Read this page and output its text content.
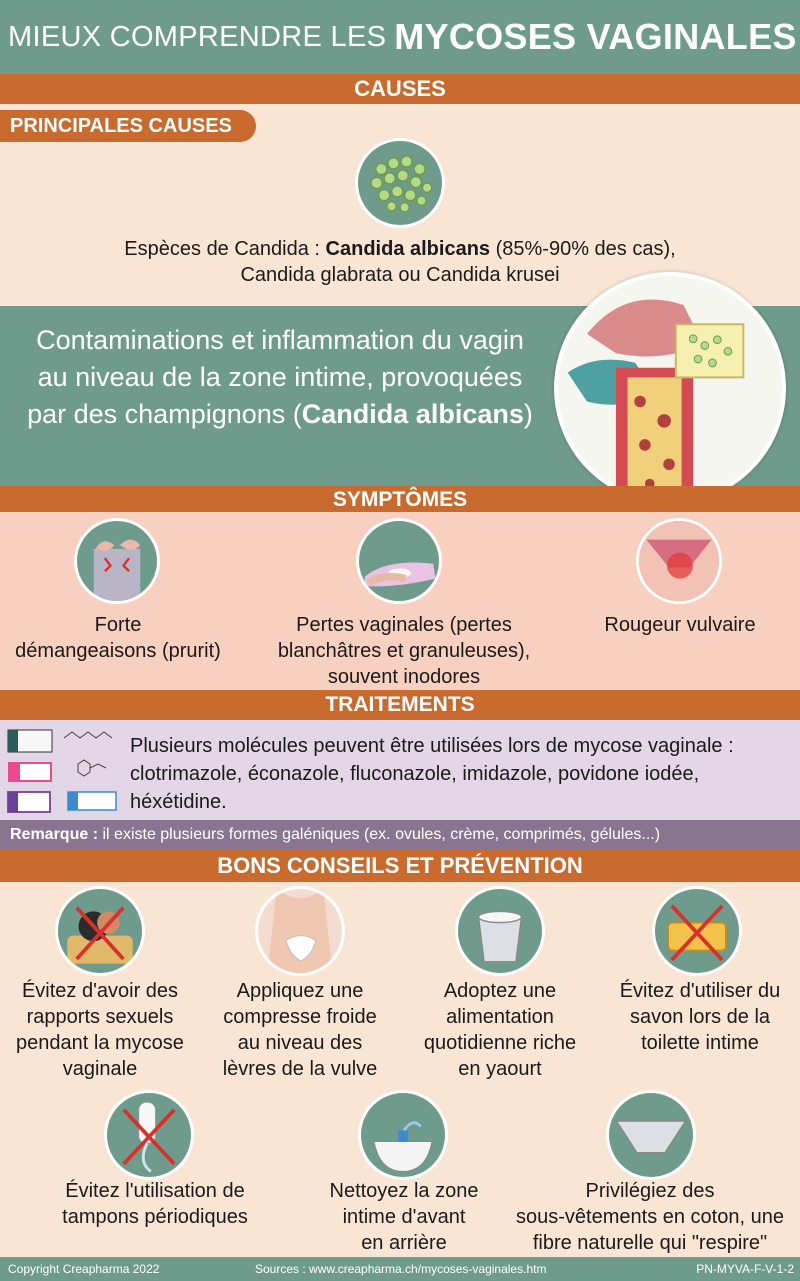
MIEUX COMPRENDRE LES MYCOSES VAGINALES
CAUSES
PRINCIPALES CAUSES
Espèces de Candida : Candida albicans (85%-90% des cas),
Candida glabrata ou Candida krusei
Contaminations et inflammation du vagin au niveau de la zone intime, provoquées par des champignons (Candida albicans)
SYMPTÔMES
Forte
démangeaisons (prurit)
Pertes vaginales (pertes
blanchâtres et granuleuses),
souvent inodores
Rougeur vulvaire
TRAITEMENTS
Plusieurs molécules peuvent être utilisées lors de mycose vaginale :
clotrimazole, éconazole, fluconazole, imidazole, povidone iodée,
héxétidine.
Remarque : il existe plusieurs formes galéniques (ex. ovules, crème, comprimés, gélules...)
BONS CONSEILS ET PRÉVENTION
Évitez d'avoir des
rapports sexuels
pendant la mycose
vaginale
Appliquez une
compresse froide
au niveau des
lèvres de la vulve
Adoptez une
alimentation
quotidienne riche
en yaourt
Évitez d'utiliser du
savon lors de la
toilette intime
Évitez l'utilisation de
tampons périodiques
Nettoyez la zone
intime d'avant
en arrière
Privilégiez des
sous-vêtements en coton, une
fibre naturelle qui "respire"
Copyright Creapharma 2022	Sources : www.creapharma.ch/mycoses-vaginales.htm	PN-MYVA-F-V-1-2
